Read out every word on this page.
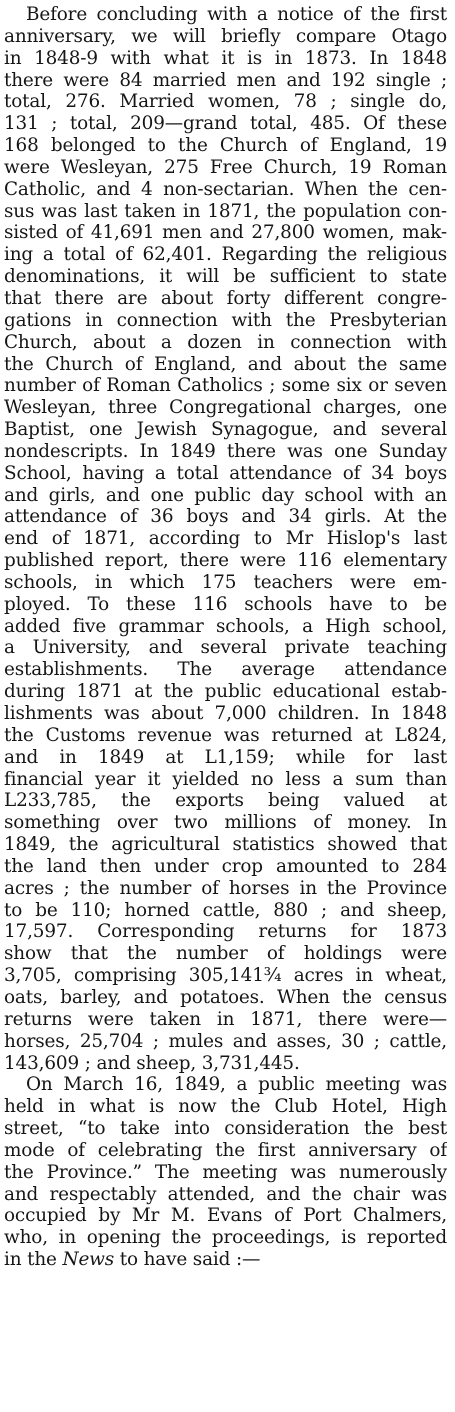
Before concluding with a notice of the first
anniversary, we will briefly compare Otago
in 1848-9 with what it is in 1873. In 1848
there were 84 married men and 192 single ;
total, 276. Married women, 78 ; single do,
131 ; total, 209—grand total, 485. Of these
168 belonged to the Church of England, 19
were Wesleyan, 275 Free Church, 19 Roman
Catholic, and 4 non-sectarian. When the cen-
sus was last taken in 1871, the population con-
sisted of 41,691 men and 27,800 women, mak-
ing a total of 62,401. Regarding the religious
denominations, it will be sufficient to state
that there are about forty different congre-
gations in connection with the Presbyterian
Church, about a dozen in connection with
the Church of England, and about the same
number of Roman Catholics ; some six or seven
Wesleyan, three Congregational charges, one
Baptist, one Jewish Synagogue, and several
nondescripts. In 1849 there was one Sunday
School, having a total attendance of 34 boys
and girls, and one public day school with an
attendance of 36 boys and 34 girls. At the
end of 1871, according to Mr Hislop's last
published report, there were 116 elementary
schools, in which 175 teachers were em-
ployed. To these 116 schools have to be
added five grammar schools, a High school,
a University, and several private teaching
establishments. The average attendance
during 1871 at the public educational estab-
lishments was about 7,000 children. In 1848
the Customs revenue was returned at L824,
and in 1849 at L1,159; while for last
financial year it yielded no less a sum than
L233,785, the exports being valued at
something over two millions of money. In
1849, the agricultural statistics showed that
the land then under crop amounted to 284
acres ; the number of horses in the Province
to be 110; horned cattle, 880 ; and sheep,
17,597. Corresponding returns for 1873
show that the number of holdings were
3,705, comprising 305,141¾ acres in wheat,
oats, barley, and potatoes. When the census
returns were taken in 1871, there were—
horses, 25,704 ; mules and asses, 30 ; cattle,
143,609 ; and sheep, 3,731,445.
On March 16, 1849, a public meeting was
held in what is now the Club Hotel, High
street, “to take into consideration the best
mode of celebrating the first anniversary of
the Province.” The meeting was numerously
and respectably attended, and the chair was
occupied by Mr M. Evans of Port Chalmers,
who, in opening the proceedings, is reported
in the News to have said :—
